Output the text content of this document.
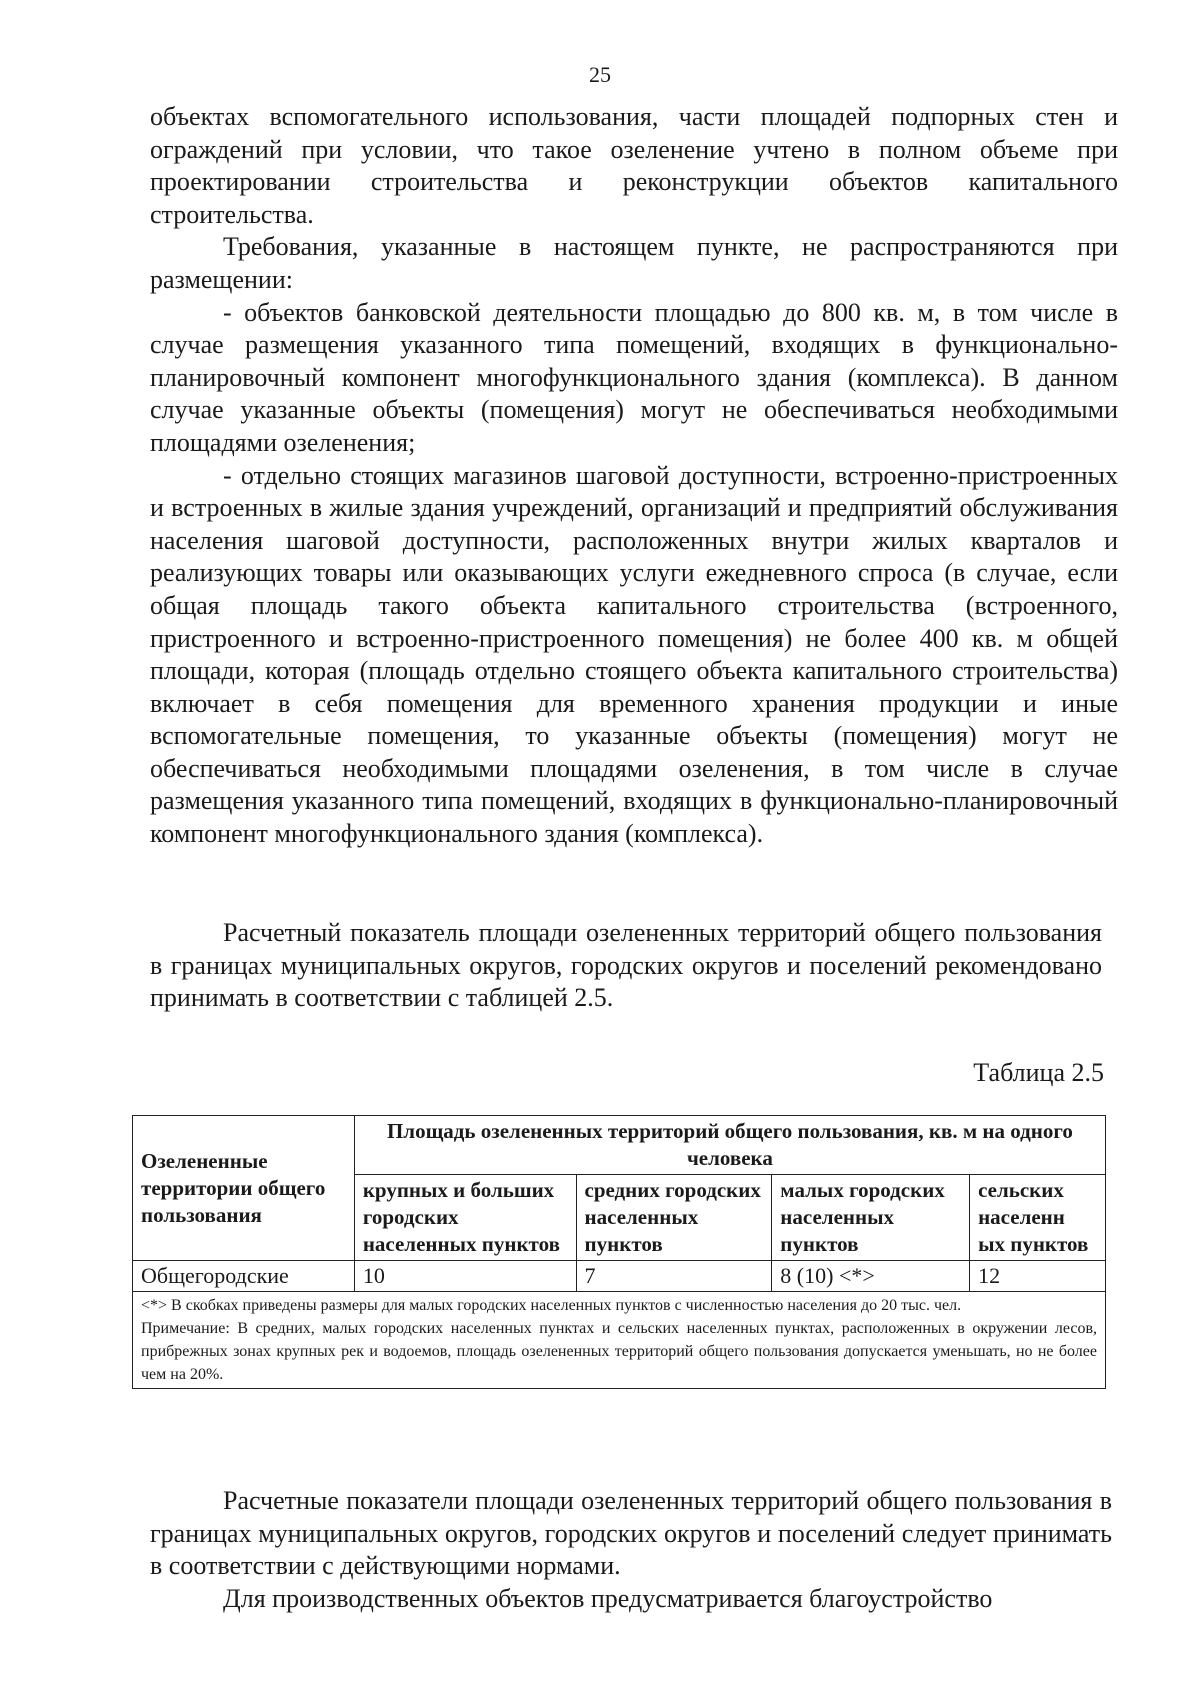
25

объектах вспомогательного использования, части площадей подпорных стен и ограждений при условии, что такое озеленение учтено в полном объеме при проектировании строительства и реконструкции объектов капитального строительства.

Требования, указанные в настоящем пункте, не распространяются при размещении:

- объектов банковской деятельности площадью до 800 кв. м, в том числе в случае размещения указанного типа помещений, входящих в функционально-планировочный компонент многофункционального здания (комплекса). В данном случае указанные объекты (помещения) могут не обеспечиваться необходимыми площадями озеленения;

- отдельно стоящих магазинов шаговой доступности, встроенно-пристроенных и встроенных в жилые здания учреждений, организаций и предприятий обслуживания населения шаговой доступности, расположенных внутри жилых кварталов и реализующих товары или оказывающих услуги ежедневного спроса (в случае, если общая площадь такого объекта капитального строительства (встроенного, пристроенного и встроенно-пристроенного помещения) не более 400 кв. м общей площади, которая (площадь отдельно стоящего объекта капитального строительства) включает в себя помещения для временного хранения продукции и иные вспомогательные помещения, то указанные объекты (помещения) могут не обеспечиваться необходимыми площадями озеленения, в том числе в случае размещения указанного типа помещений, входящих в функционально-планировочный компонент многофункционального здания (комплекса).

Расчетный показатель площади озелененных территорий общего пользования в границах муниципальных округов, городских округов и поселений рекомендовано принимать в соответствии с таблицей 2.5.

Таблица 2.5
Озелененные территории общего пользования	Площадь озелененных территорий общего пользования, кв. м на одного человека			
	крупных и больших городских населенных пунктов	средних городских населенных пунктов	малых городских населенных пунктов	сельских населенн ых пунктов
Общегородские	10	7	8 (10) <*>	12

<*> В скобках приведены размеры для малых городских населенных пунктов с численностью населения до 20 тыс. чел.

Примечание: В средних, малых городских населенных пунктах и сельских населенных пунктах, расположенных в окружении лесов, прибрежных зонах крупных рек и водоемов, площадь озелененных территорий общего пользования допускается уменьшать, но не более чем на 20%.				

Расчетные показатели площади озелененных территорий общего пользования в границах муниципальных округов, городских округов и поселений следует принимать в соответствии с действующими нормами.

Для производственных объектов предусматривается благоустройство
